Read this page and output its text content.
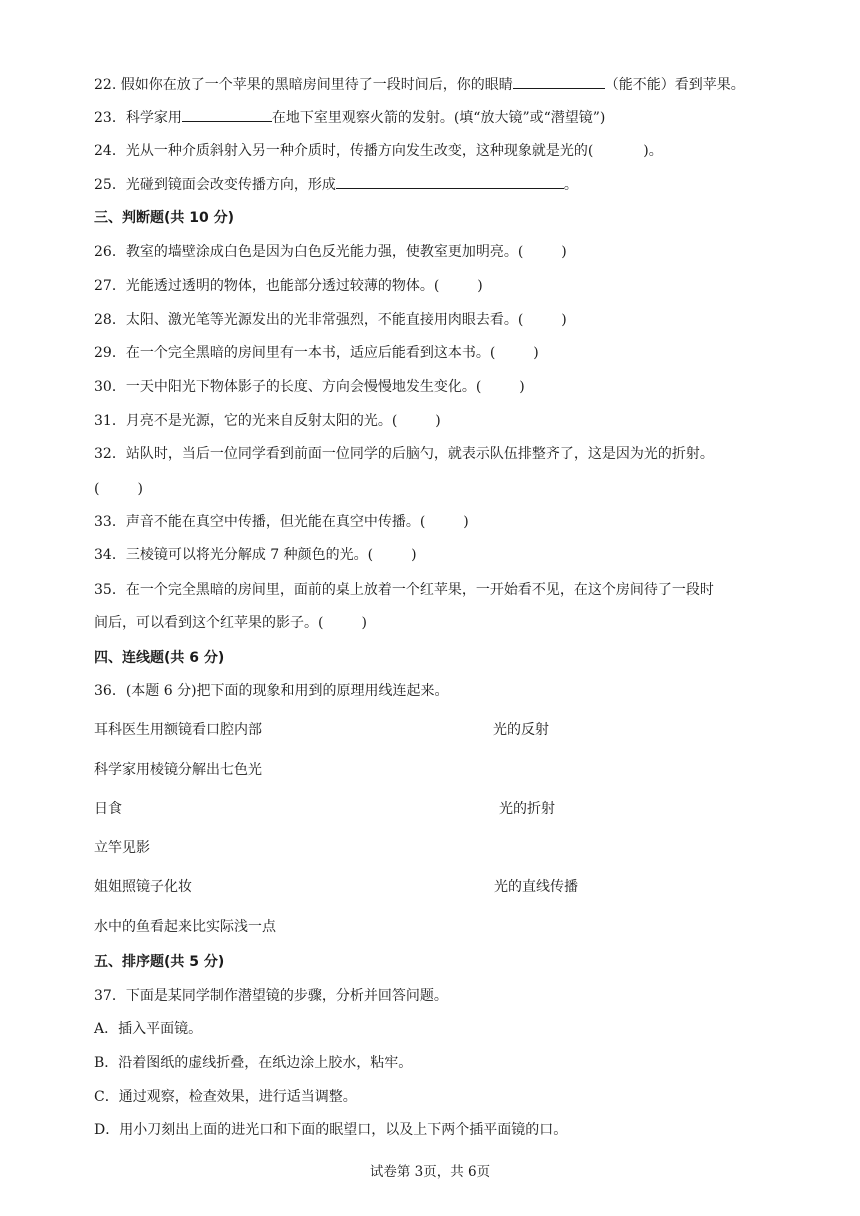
22. 假如你在放了一个苹果的黑暗房间里待了一段时间后，你的眼睛	（能不能）看到苹果。
23．科学家用	在地下室里观察火箭的发射。(填“放大镜”或“潜望镜”)
24．光从一种介质斜射入另一种介质时，传播方向发生改变，这种现象就是光的(	)。
25．光碰到镜面会改变传播方向，形成	。
三、判断题(共 10 分)
26．教室的墙壁涂成白色是因为白色反光能力强，使教室更加明亮。(	)
27．光能透过透明的物体，也能部分透过较薄的物体。(	)
28．太阳、激光笔等光源发出的光非常强烈，不能直接用肉眼去看。(	)
29．在一个完全黑暗的房间里有一本书，适应后能看到这本书。(	)
30．一天中阳光下物体影子的长度、方向会慢慢地发生变化。(	)
31．月亮不是光源，它的光来自反射太阳的光。(	)
32．站队时，当后一位同学看到前面一位同学的后脑勺，就表示队伍排整齐了，这是因为光的折射。
(	)
33．声音不能在真空中传播，但光能在真空中传播。(	)
34．三棱镜可以将光分解成 7 种颜色的光。(	)
35．在一个完全黑暗的房间里，面前的桌上放着一个红苹果，一开始看不见，在这个房间待了一段时
间后，可以看到这个红苹果的影子。(	)
四、连线题(共 6 分)
36．(本题 6 分)把下面的现象和用到的原理用线连起来。
耳科医生用额镜看口腔内部	光的反射
科学家用棱镜分解出七色光
日食	光的折射
立竿见影
姐姐照镜子化妆	光的直线传播
水中的鱼看起来比实际浅一点
五、排序题(共 5 分)
37．下面是某同学制作潜望镜的步骤，分析并回答问题。
A．插入平面镜。
B．沿着图纸的虚线折叠，在纸边涂上胶水，粘牢。
C．通过观察，检查效果，进行适当调整。
D．用小刀刻出上面的进光口和下面的眠望口，以及上下两个插平面镜的口。
试卷第 3页，共 6页
